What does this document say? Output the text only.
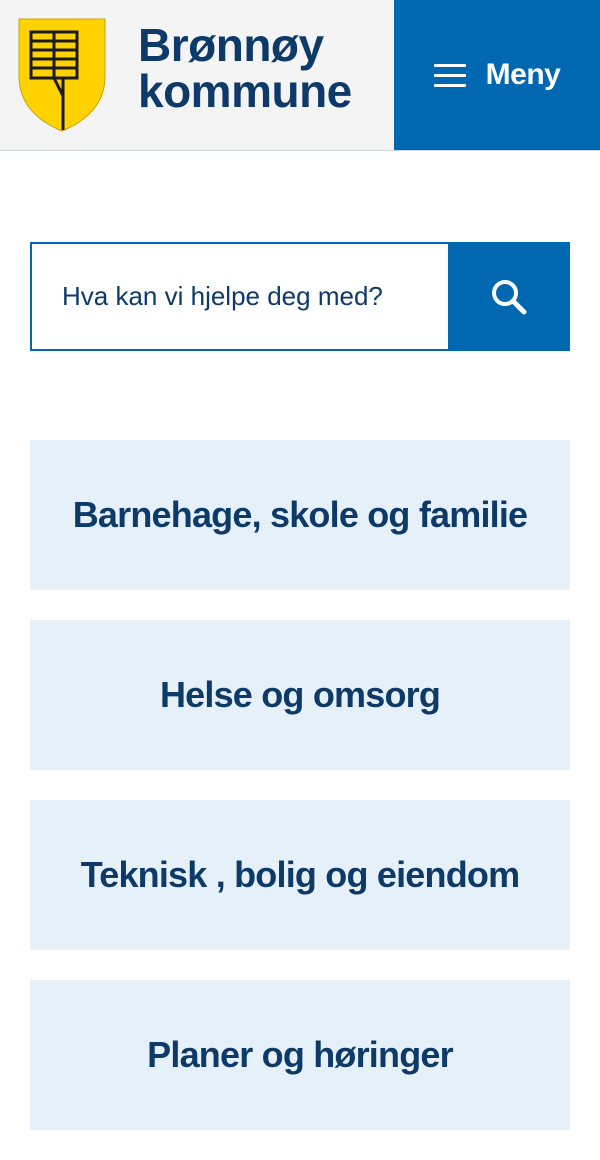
Brønnøy
kommune	Meny
Hva kan vi hjelpe deg med?
Barnehage, skole og familie
Helse og omsorg
Teknisk , bolig og eiendom
Planer og høringer
